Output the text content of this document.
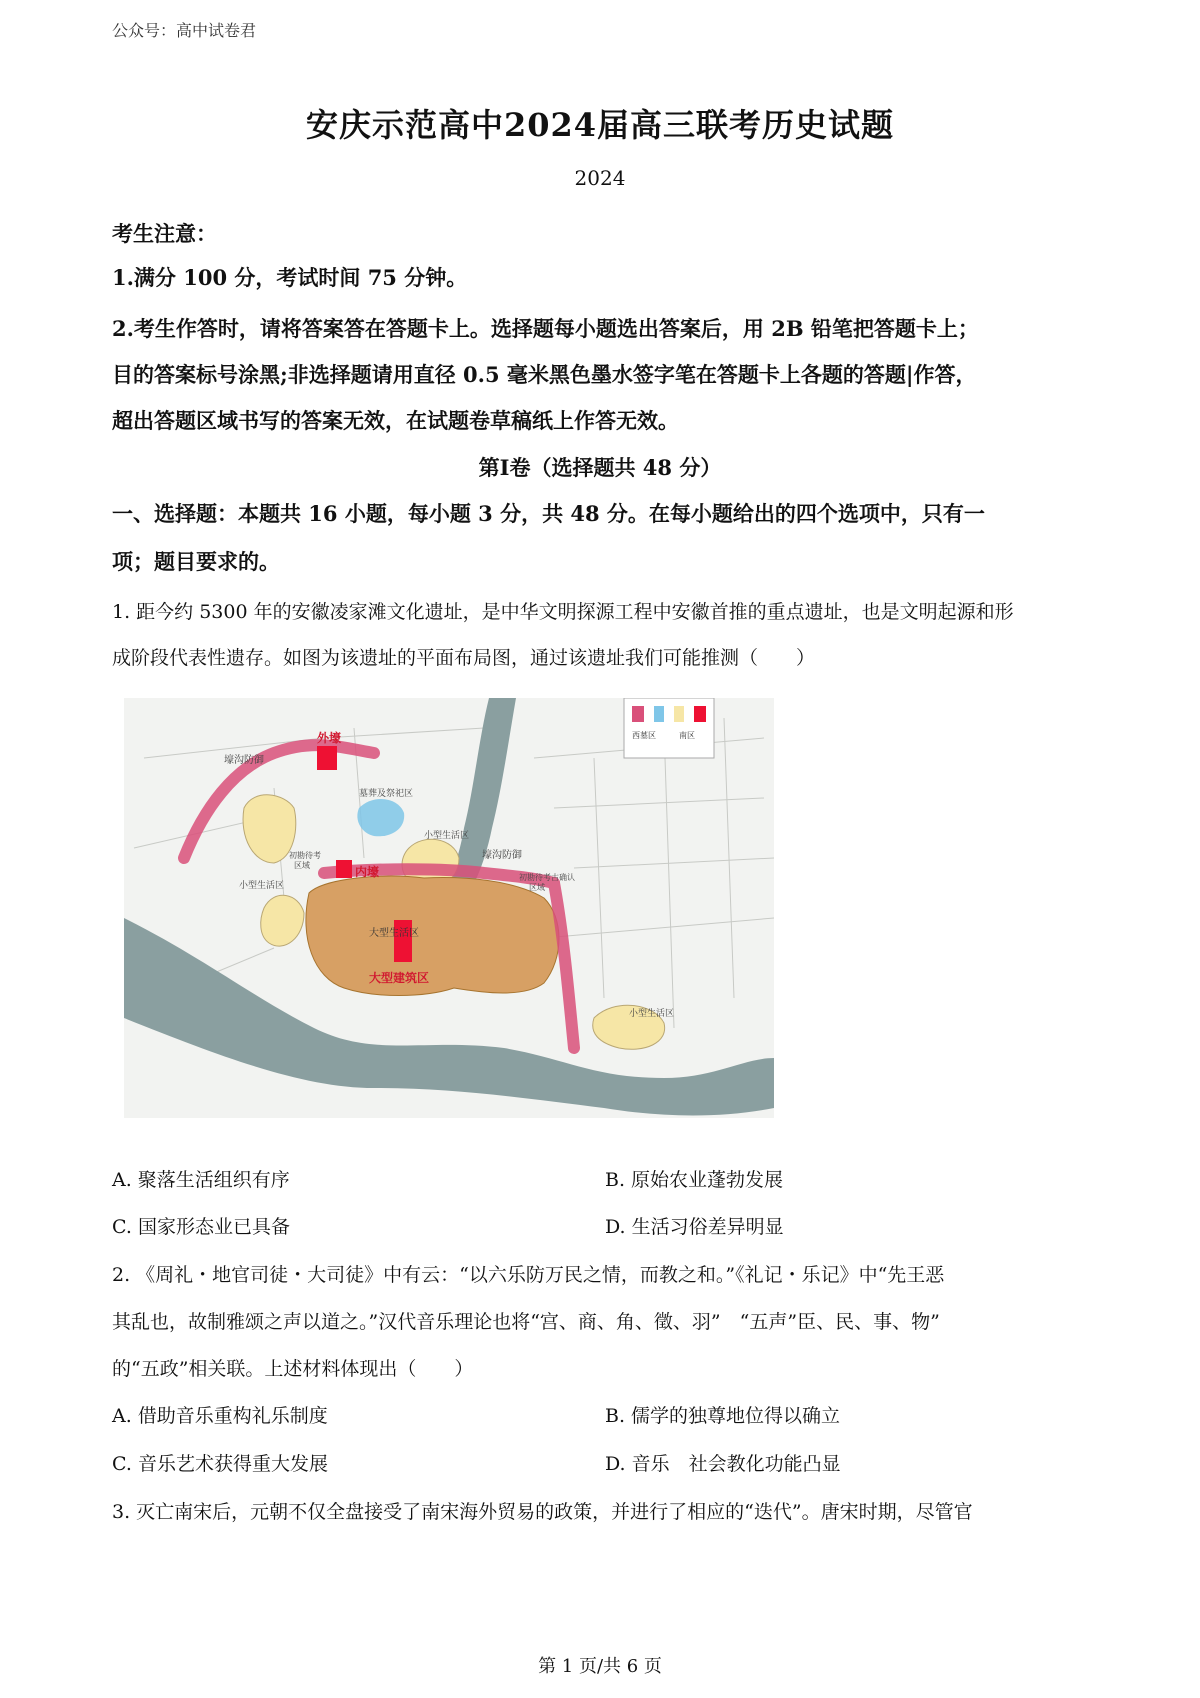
公众号：高中试卷君
安庆示范高中2024届高三联考历史试题
2024
考生注意：
1.满分 100 分，考试时间 75 分钟。
2.考生作答时，请将答案答在答题卡上。选择题每小题选出答案后，用 2B 铅笔把答题卡上；
目的答案标号涂黑;非选择题请用直径 0.5 毫米黑色墨水签字笔在答题卡上各题的答题|作答，
超出答题区域书写的答案无效，在试题卷草稿纸上作答无效。
第Ⅰ卷（选择题共 48 分）
一、选择题：本题共 16 小题，每小题 3 分，共 48 分。在每小题给出的四个选项中，只有一
项；题目要求的。
1. 距今约 5300 年的安徽凌家滩文化遗址，是中华文明探源工程中安徽首推的重点遗址，也是文明起源和形
成阶段代表性遗存。如图为该遗址的平面布局图，通过该遗址我们可能推测（　　）
西墓区	南区
外壕
壕沟防御
墓葬及祭祀区
小型生活区
小型生活区
小型生活区
初勘待考
区域	内壕
壕沟防御
初勘待考古确认
区域
大型生活区
大型建筑区
A. 聚落生活组织有序	B. 原始农业蓬勃发展
C. 国家形态业已具备	D. 生活习俗差异明显
2. 《周礼・地官司徒・大司徒》中有云：“以六乐防万民之情，而教之和。”《礼记・乐记》中“先王恶
其乱也，故制雅颂之声以道之。”汉代音乐理论也将“宫、商、角、徵、羽”　“五声”臣、民、事、物”
的“五政”相关联。上述材料体现出（　　）
A. 借助音乐重构礼乐制度	B. 儒学的独尊地位得以确立
C. 音乐艺术获得重大发展	D. 音乐　社会教化功能凸显
3. 灭亡南宋后，元朝不仅全盘接受了南宋海外贸易的政策，并进行了相应的“迭代”。唐宋时期，尽管官
第 1 页/共 6 页
